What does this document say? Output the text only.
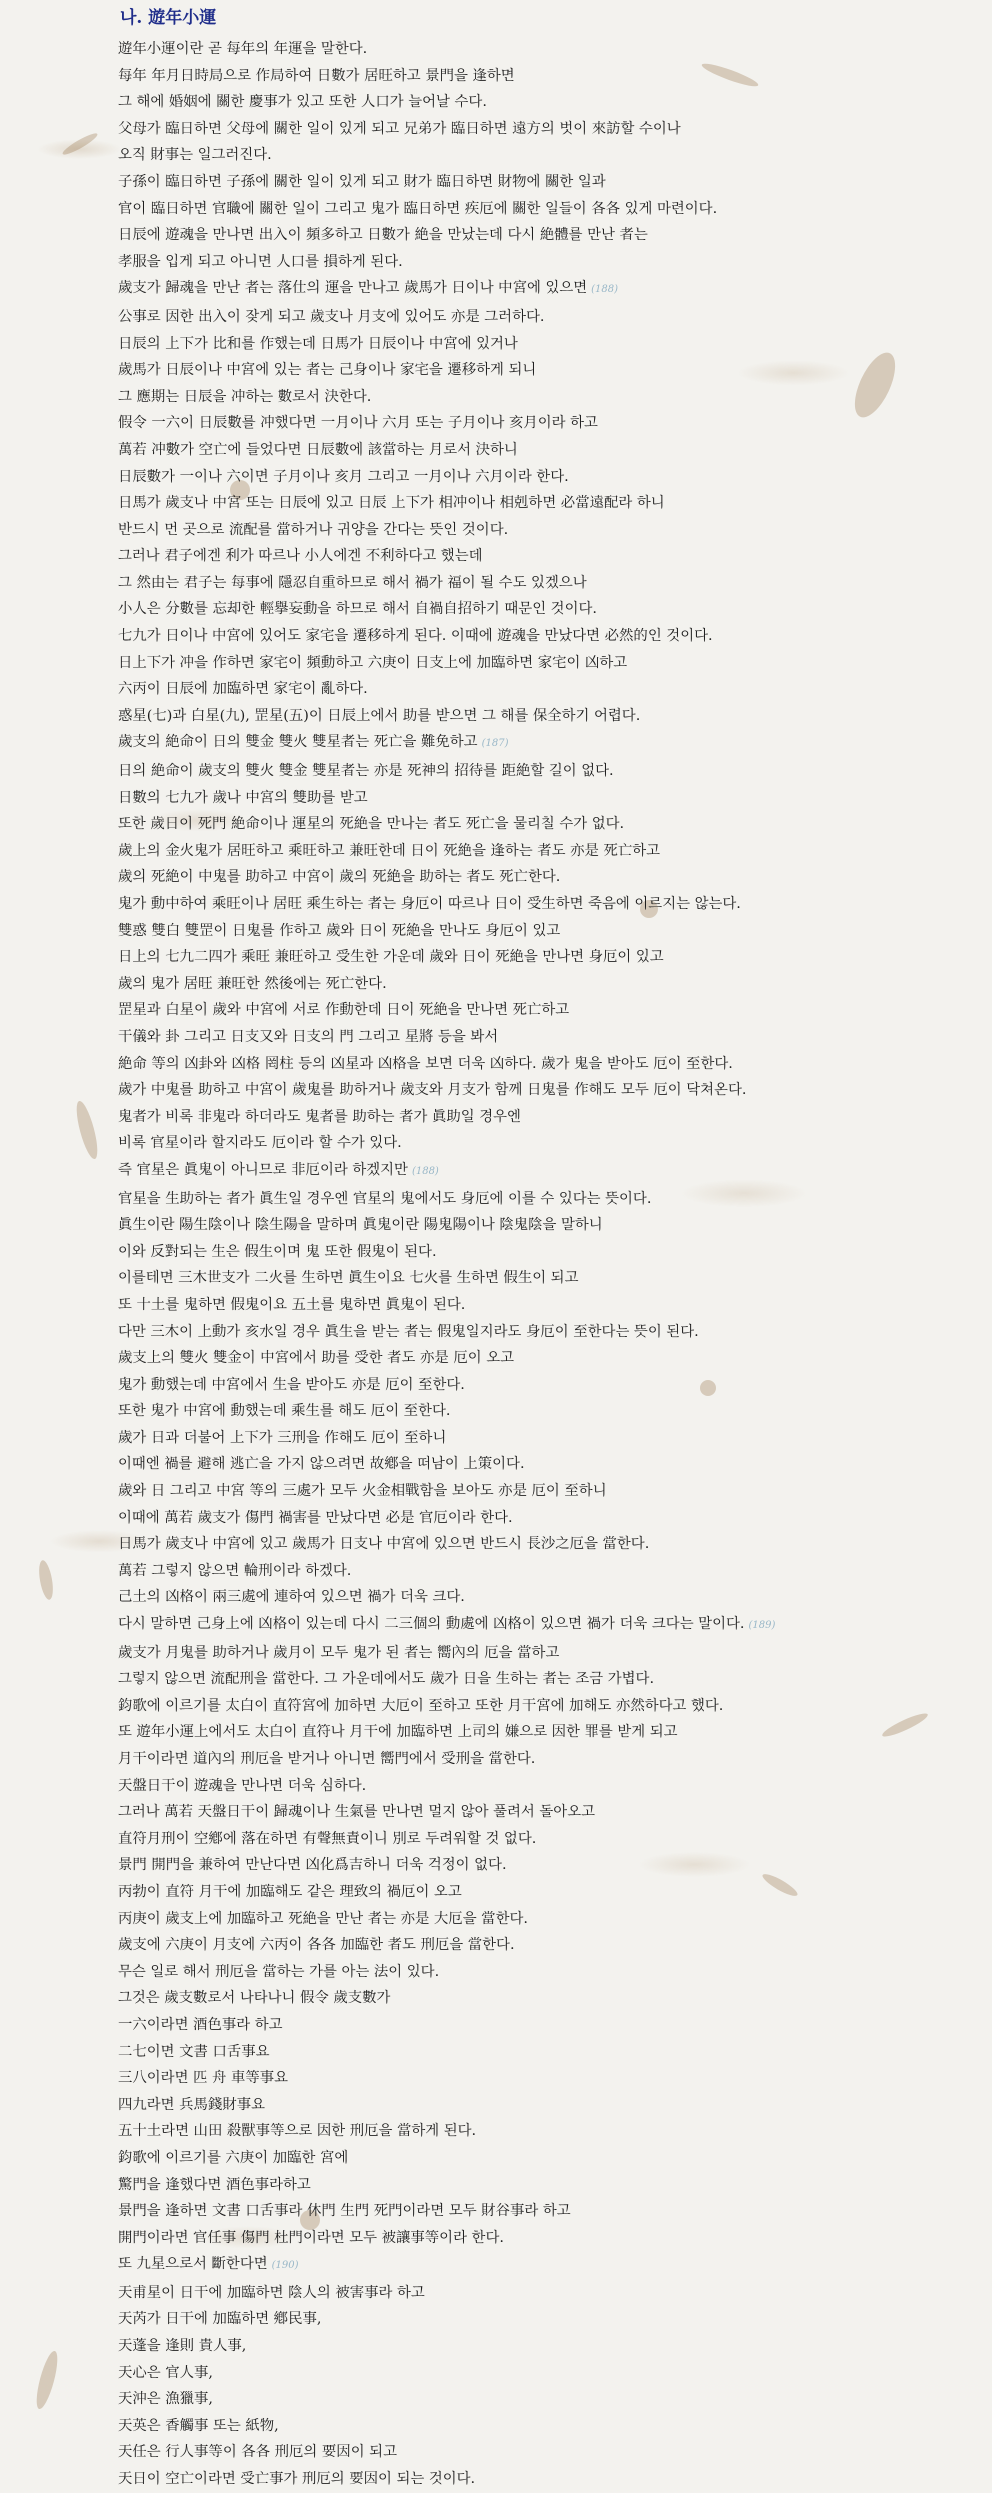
나. 遊年小運
遊年小運이란 곧 每年의 年運을 말한다.
每年 年月日時局으로 作局하여 日數가 居旺하고 景門을 逢하면
그 해에 婚姻에 關한 慶事가 있고 또한 人口가 늘어날 수다.
父母가 臨日하면 父母에 關한 일이 있게 되고 兄弟가 臨日하면 遠方의 벗이 來訪할 수이나
오직 財事는 일그러진다.
子孫이 臨日하면 子孫에 關한 일이 있게 되고 財가 臨日하면 財物에 關한 일과
官이 臨日하면 官職에 關한 일이 그리고 鬼가 臨日하면 疾厄에 關한 일들이 各各 있게 마련이다.
日辰에 遊魂을 만나면 出入이 頻多하고 日數가 絶을 만났는데 다시 絶體를 만난 者는
孝服을 입게 되고 아니면 人口를 損하게 된다.
歲支가 歸魂을 만난 者는 落仕의 運을 만나고 歲馬가 日이나 中宮에 있으면 (188)
公事로 因한 出入이 잦게 되고 歲支나 月支에 있어도 亦是 그러하다.
日辰의 上下가 比和를 作했는데 日馬가 日辰이나 中宮에 있거나
歲馬가 日辰이나 中宮에 있는 者는 己身이나 家宅을 遷移하게 되니
그 應期는 日辰을 冲하는 數로서 決한다.
假令 一六이 日辰數를 冲했다면 一月이나 六月 또는 子月이나 亥月이라 하고
萬若 冲數가 空亡에 들었다면 日辰數에 該當하는 月로서 決하니
日辰數가 一이나 六이면 子月이나 亥月 그리고 一月이나 六月이라 한다.
日馬가 歲支나 中宮 또는 日辰에 있고 日辰 上下가 相冲이나 相剋하면 必當遠配라 하니
반드시 먼 곳으로 流配를 當하거나 귀양을 간다는 뜻인 것이다.
그러나 君子에겐 利가 따르나 小人에겐 不利하다고 했는데
그 然由는 君子는 每事에 隱忍自重하므로 해서 禍가 福이 될 수도 있겠으나
小人은 分數를 忘却한 輕擧妄動을 하므로 해서 自禍自招하기 때문인 것이다.
七九가 日이나 中宮에 있어도 家宅을 遷移하게 된다. 이때에 遊魂을 만났다면 必然的인 것이다.
日上下가 冲을 作하면 家宅이 頻動하고 六庚이 日支上에 加臨하면 家宅이 凶하고
六丙이 日辰에 加臨하면 家宅이 亂하다.
惑星(七)과 白星(九), 罡星(五)이 日辰上에서 助를 받으면 그 해를 保全하기 어렵다.
歲支의 絶命이 日의 雙金 雙火 雙星者는 死亡을 難免하고 (187)
日의 絶命이 歲支의 雙火 雙金 雙星者는 亦是 死神의 招待를 距絶할 길이 없다.
日數의 七九가 歲나 中宮의 雙助를 받고
또한 歲日이 死門 絶命이나 運星의 死絶을 만나는 者도 死亡을 물리칠 수가 없다.
歲上의 金火鬼가 居旺하고 乘旺하고 兼旺한데 日이 死絶을 逢하는 者도 亦是 死亡하고
歲의 死絶이 中鬼를 助하고 中宮이 歲의 死絶을 助하는 者도 死亡한다.
鬼가 動中하여 乘旺이나 居旺 乘生하는 者는 身厄이 따르나 日이 受生하면 죽음에 이르지는 않는다.
雙惑 雙白 雙罡이 日鬼를 作하고 歲와 日이 死絶을 만나도 身厄이 있고
日上의 七九二四가 乘旺 兼旺하고 受生한 가운데 歲와 日이 死絶을 만나면 身厄이 있고
歲의 鬼가 居旺 兼旺한 然後에는 死亡한다.
罡星과 白星이 歲와 中宮에 서로 作動한데 日이 死絶을 만나면 死亡하고
干儀와 卦 그리고 日支又와 日支의 門 그리고 星將 등을 봐서
絶命 等의 凶卦와 凶格 罔柱 등의 凶星과 凶格을 보면 더욱 凶하다. 歲가 鬼을 받아도 厄이 至한다.
歲가 中鬼를 助하고 中宮이 歲鬼를 助하거나 歲支와 月支가 함께 日鬼를 作해도 모두 厄이 닥쳐온다.
鬼者가 비록 非鬼라 하더라도 鬼者를 助하는 者가 眞助일 경우엔
비록 官星이라 할지라도 厄이라 할 수가 있다.
즉 官星은 眞鬼이 아니므로 非厄이라 하겠지만 (188)
官星을 生助하는 者가 眞生일 경우엔 官星의 鬼에서도 身厄에 이를 수 있다는 뜻이다.
眞生이란 陽生陰이나 陰生陽을 말하며 眞鬼이란 陽鬼陽이나 陰鬼陰을 말하니
이와 反對되는 生은 假生이며 鬼 또한 假鬼이 된다.
이를테면 三木世支가 二火를 生하면 眞生이요 七火를 生하면 假生이 되고
또 十土를 鬼하면 假鬼이요 五土를 鬼하면 眞鬼이 된다.
다만 三木이 上動가 亥水일 경우 眞生을 받는 者는 假鬼일지라도 身厄이 至한다는 뜻이 된다.
歲支上의 雙火 雙金이 中宮에서 助를 受한 者도 亦是 厄이 오고
鬼가 動했는데 中宮에서 生을 받아도 亦是 厄이 至한다.
또한 鬼가 中宮에 動했는데 乘生를 해도 厄이 至한다.
歲가 日과 더불어 上下가 三刑을 作해도 厄이 至하니
이때엔 禍를 避해 逃亡을 가지 않으려면 故鄕을 떠남이 上策이다.
歲와 日 그리고 中宮 等의 三處가 모두 火金相戰함을 보아도 亦是 厄이 至하니
이때에 萬若 歲支가 傷門 禍害를 만났다면 必是 官厄이라 한다.
日馬가 歲支나 中宮에 있고 歲馬가 日支나 中宮에 있으면 반드시 長沙之厄을 當한다.
萬若 그렇지 않으면 輪刑이라 하겠다.
己土의 凶格이 兩三處에 連하여 있으면 禍가 더욱 크다.
다시 말하면 己身上에 凶格이 있는데 다시 二三個의 動處에 凶格이 있으면 禍가 더욱 크다는 말이다. (189)
歲支가 月鬼를 助하거나 歲月이 모두 鬼가 된 者는 嚮內의 厄을 當하고
그렇지 않으면 流配刑을 當한다. 그 가운데에서도 歲가 日을 生하는 者는 조금 가볍다.
鈞歌에 이르기를 太白이 直符宮에 加하면 大厄이 至하고 또한 月干宮에 加해도 亦然하다고 했다.
또 遊年小運上에서도 太白이 直符나 月干에 加臨하면 上司의 嫌으로 因한 罪를 받게 되고
月干이라면 道內의 刑厄을 받거나 아니면 嚮門에서 受刑을 當한다.
天盤日干이 遊魂을 만나면 더욱 심하다.
그러나 萬若 天盤日干이 歸魂이나 生氣를 만나면 멀지 않아 풀려서 돌아오고
直符月刑이 空鄕에 落在하면 有聲無責이니 別로 두려워할 것 없다.
景門 開門을 兼하여 만난다면 凶化爲吉하니 더욱 걱정이 없다.
丙勃이 直符 月干에 加臨해도 같은 理致의 禍厄이 오고
丙庚이 歲支上에 加臨하고 死絶을 만난 者는 亦是 大厄을 當한다.
歲支에 六庚이 月支에 六丙이 各各 加臨한 者도 刑厄을 當한다.
무슨 일로 해서 刑厄을 當하는 가를 아는 法이 있다.
그것은 歲支數로서 나타나니 假令 歲支數가
一六이라면 酒色事라 하고
二七이면 文書 口舌事요
三八이라면 匹 舟 車等事요
四九라면 兵馬錢財事요
五十土라면 山田 殺獸事等으로 因한 刑厄을 當하게 된다.
鈞歌에 이르기를 六庚이 加臨한 宮에
驚門을 逢했다면 酒色事라하고
景門을 逢하면 文書 口舌事라 休門 生門 死門이라면 모두 財谷事라 하고
開門이라면 官任事 傷門 杜門이라면 모두 被讓事等이라 한다.
또 九星으로서 斷한다면 (190)
天甫星이 日干에 加臨하면 陰人의 被害事라 하고
天芮가 日干에 加臨하면 鄕民事,
天蓬을 逢則 貴人事,
天心은 官人事,
天沖은 漁獵事,
天英은 香觸事 또는 紙物,
天任은 行人事等이 各各 刑厄의 要因이 되고
天日이 空亡이라면 受亡事가 刑厄의 要因이 되는 것이다.
